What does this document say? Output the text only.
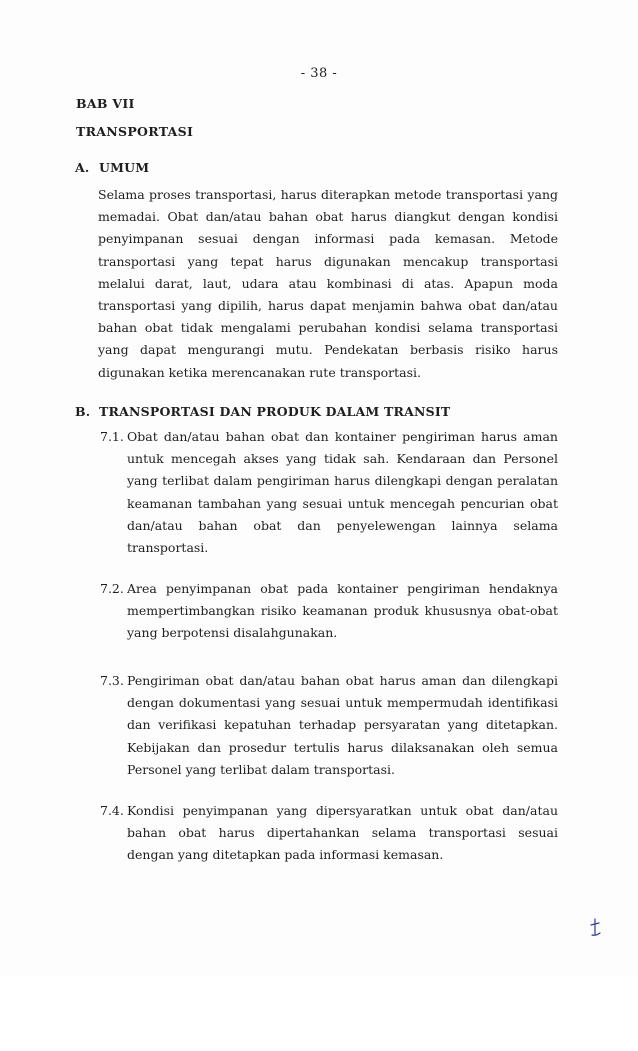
- 38 -
BAB VII
TRANSPORTASI
A. UMUM
Selama proses transportasi, harus diterapkan metode transportasi yang memadai. Obat dan/atau bahan obat harus diangkut dengan kondisi penyimpanan sesuai dengan informasi pada kemasan. Metode transportasi yang tepat harus digunakan mencakup transportasi melalui darat, laut, udara atau kombinasi di atas. Apapun moda transportasi yang dipilih, harus dapat menjamin bahwa obat dan/atau bahan obat tidak mengalami perubahan kondisi selama transportasi yang dapat mengurangi mutu. Pendekatan berbasis risiko harus digunakan ketika merencanakan rute transportasi.
B. TRANSPORTASI DAN PRODUK DALAM TRANSIT
7.1. Obat dan/atau bahan obat dan kontainer pengiriman harus aman untuk mencegah akses yang tidak sah. Kendaraan dan Personel yang terlibat dalam pengiriman harus dilengkapi dengan peralatan keamanan tambahan yang sesuai untuk mencegah pencurian obat dan/atau bahan obat dan penyelewengan lainnya selama transportasi.
7.2. Area penyimpanan obat pada kontainer pengiriman hendaknya mempertimbangkan risiko keamanan produk khususnya obat-obat yang berpotensi disalahgunakan.
7.3. Pengiriman obat dan/atau bahan obat harus aman dan dilengkapi dengan dokumentasi yang sesuai untuk mempermudah identifikasi dan verifikasi kepatuhan terhadap persyaratan yang ditetapkan. Kebijakan dan prosedur tertulis harus dilaksanakan oleh semua Personel yang terlibat dalam transportasi.
7.4. Kondisi penyimpanan yang dipersyaratkan untuk obat dan/atau bahan obat harus dipertahankan selama transportasi sesuai dengan yang ditetapkan pada informasi kemasan.
